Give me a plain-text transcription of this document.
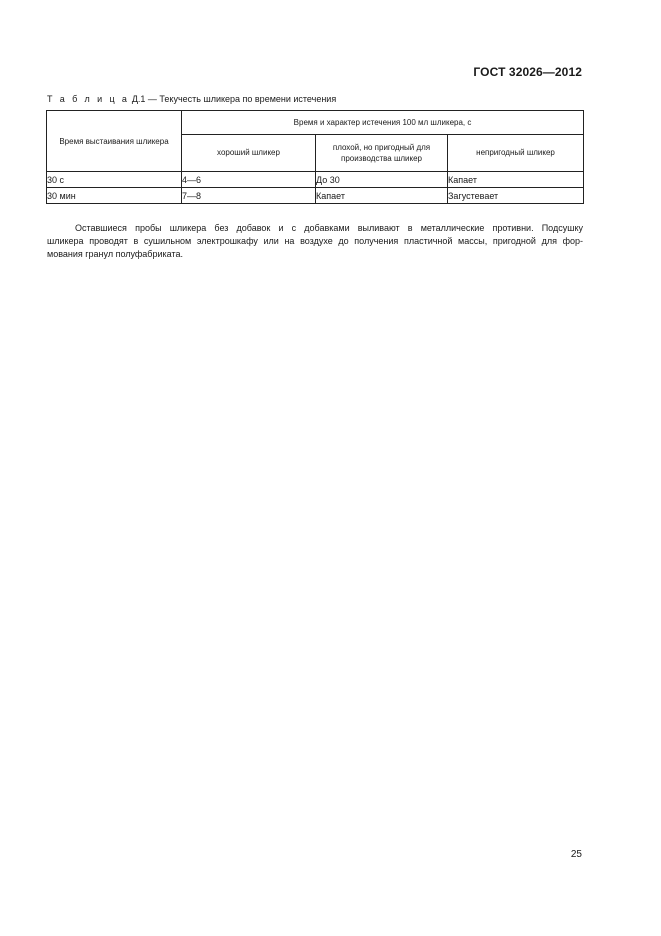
ГОСТ 32026—2012
Т а б л и ц а Д.1 — Текучесть шликера по времени истечения
Время выстаивания шликера	Время и характер истечения 100 мл шликера, с		
	хороший шликер	плохой, но пригодный для
производства шликер	непригодный шликер
30 с	4—6	До 30	Капает
30 мин	7—8	Капает	Загустевает
Оставшиеся пробы шликера без добавок и с добавками выливают в металлические противни. Подсушку
шликера проводят в сушильном электрошкафу или на воздухе до получения пластичной массы, пригодной для фор-
мования гранул полуфабриката.
25
